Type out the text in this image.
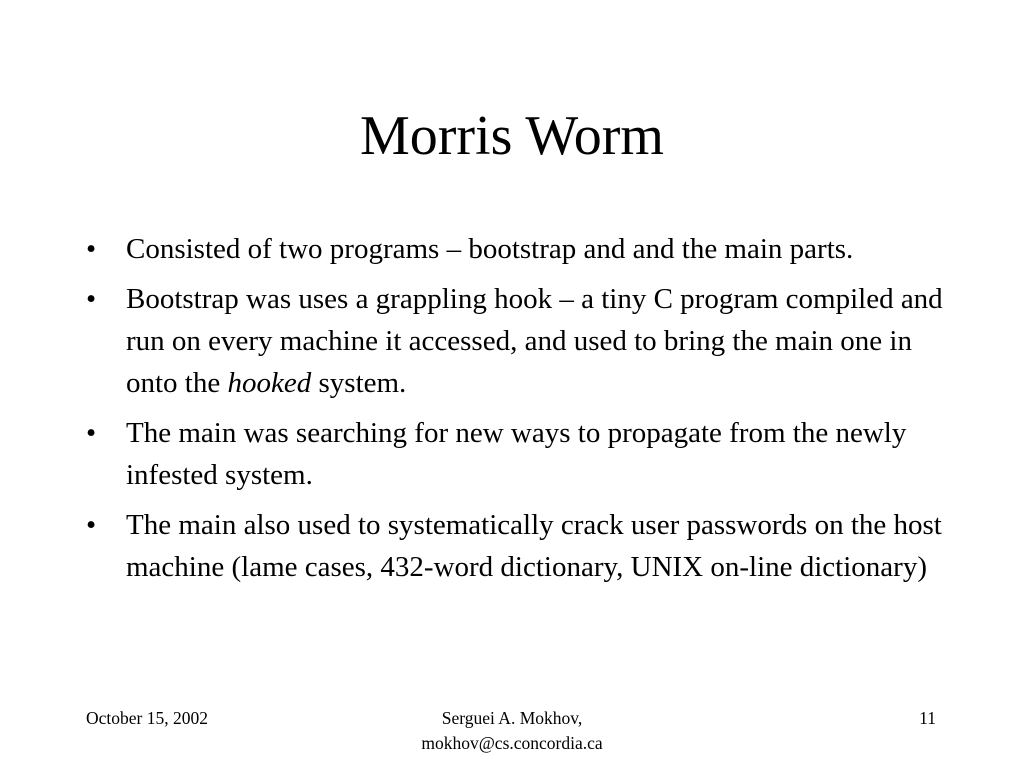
Morris Worm
•	Consisted of two programs – bootstrap and and the main parts.
•	Bootstrap was uses a grappling hook – a tiny C program compiled and run on every machine it accessed, and used to bring the main one in onto the hooked system.
•	The main was searching for new ways to propagate from the newly infested system.
•	The main also used to systematically crack user passwords on the host machine (lame cases, 432-word dictionary, UNIX on-line dictionary)
October 15, 2002	Serguei A. Mokhov,
mokhov@cs.concordia.ca
11
